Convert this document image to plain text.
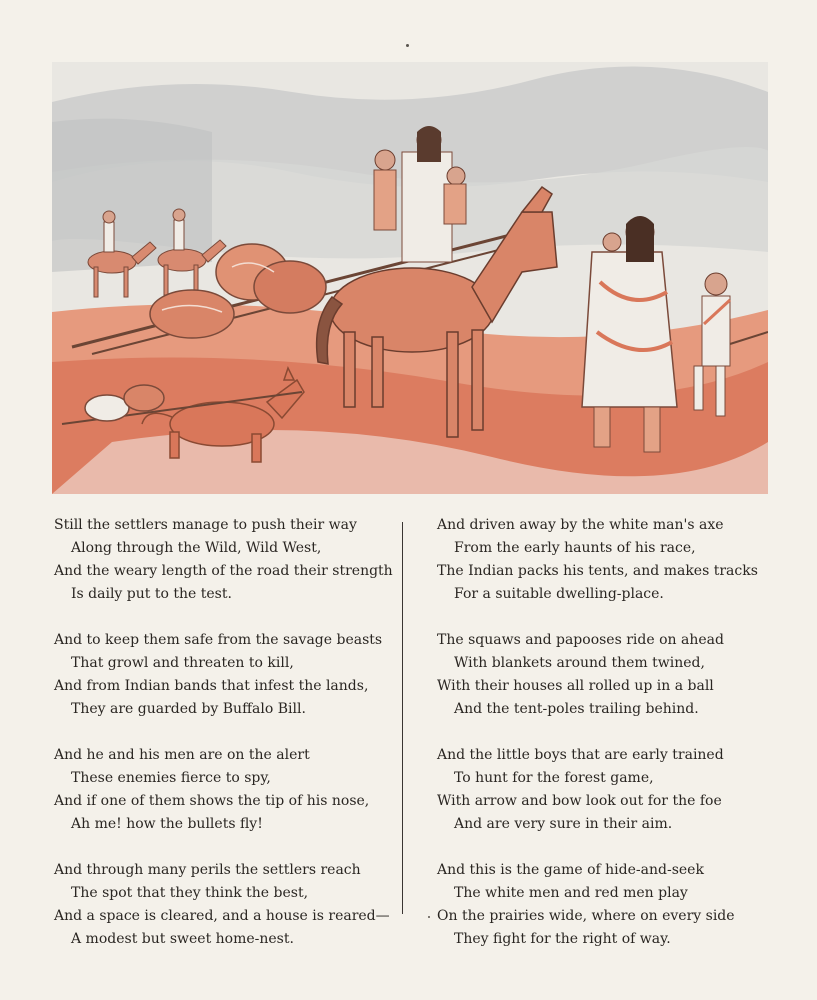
Still the settlers manage to push their way
Along through the Wild, Wild West,
And the weary length of the road their strength
Is daily put to the test.
And to keep them safe from the savage beasts
That growl and threaten to kill,
And from Indian bands that infest the lands,
They are guarded by Buffalo Bill.
And he and his men are on the alert
These enemies fierce to spy,
And if one of them shows the tip of his nose,
Ah me! how the bullets fly!
And through many perils the settlers reach
The spot that they think the best,
And a space is cleared, and a house is reared—
A modest but sweet home-nest.
And driven away by the white man's axe
From the early haunts of his race,
The Indian packs his tents, and makes tracks
For a suitable dwelling-place.
The squaws and papooses ride on ahead
With blankets around them twined,
With their houses all rolled up in a ball
And the tent-poles trailing behind.
And the little boys that are early trained
To hunt for the forest game,
With arrow and bow look out for the foe
And are very sure in their aim.
And this is the game of hide-and-seek
The white men and red men play
On the prairies wide, where on every side
They fight for the right of way.
